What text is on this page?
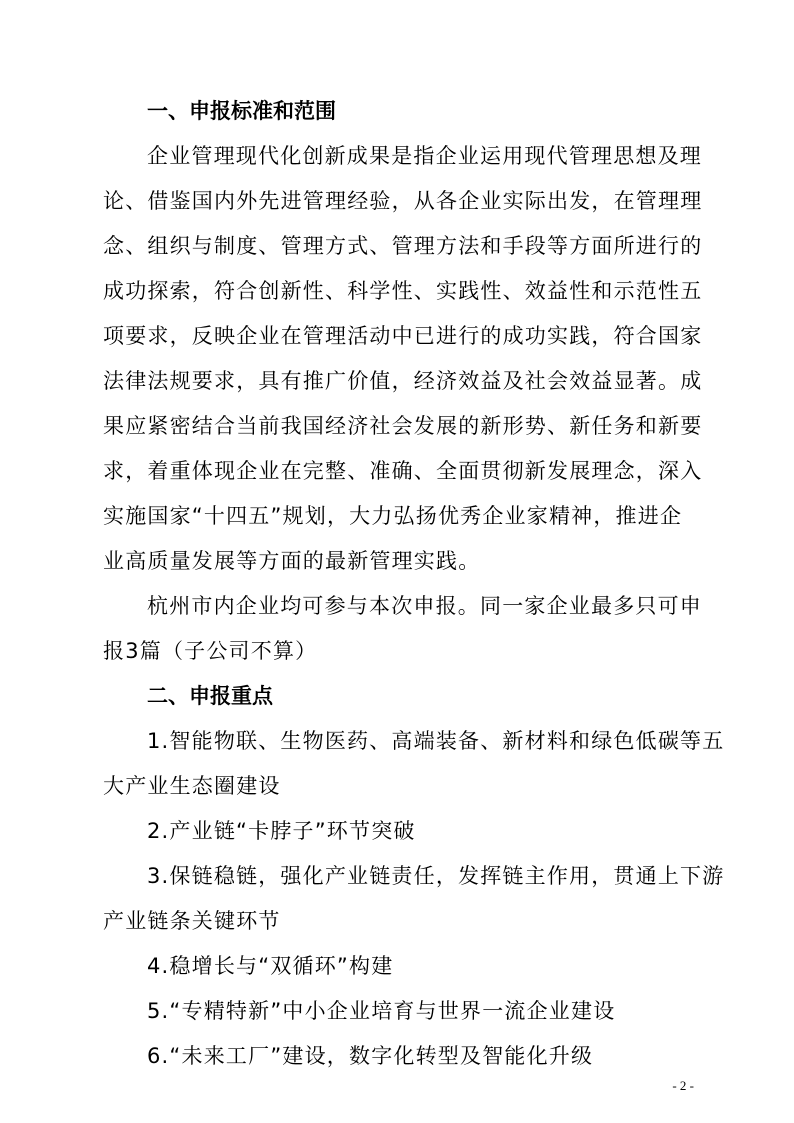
一、申报标准和范围
企业管理现代化创新成果是指企业运用现代管理思想及理
论、借鉴国内外先进管理经验，从各企业实际出发，在管理理
念、组织与制度、管理方式、管理方法和手段等方面所进行的
成功探索，符合创新性、科学性、实践性、效益性和示范性五
项要求，反映企业在管理活动中已进行的成功实践，符合国家
法律法规要求，具有推广价值，经济效益及社会效益显著。成
果应紧密结合当前我国经济社会发展的新形势、新任务和新要
求，着重体现企业在完整、准确、全面贯彻新发展理念，深入
实施国家“十四五”规划，大力弘扬优秀企业家精神，推进企
业高质量发展等方面的最新管理实践。
杭州市内企业均可参与本次申报。同一家企业最多只可申
报3篇（子公司不算）
二、申报重点
1.智能物联、生物医药、高端装备、新材料和绿色低碳等五
大产业生态圈建设
2.产业链“卡脖子”环节突破
3.保链稳链，强化产业链责任，发挥链主作用，贯通上下游
产业链条关键环节
4.稳增长与“双循环”构建
5.“专精特新”中小企业培育与世界一流企业建设
6.“未来工厂”建设，数字化转型及智能化升级
- 2 -
